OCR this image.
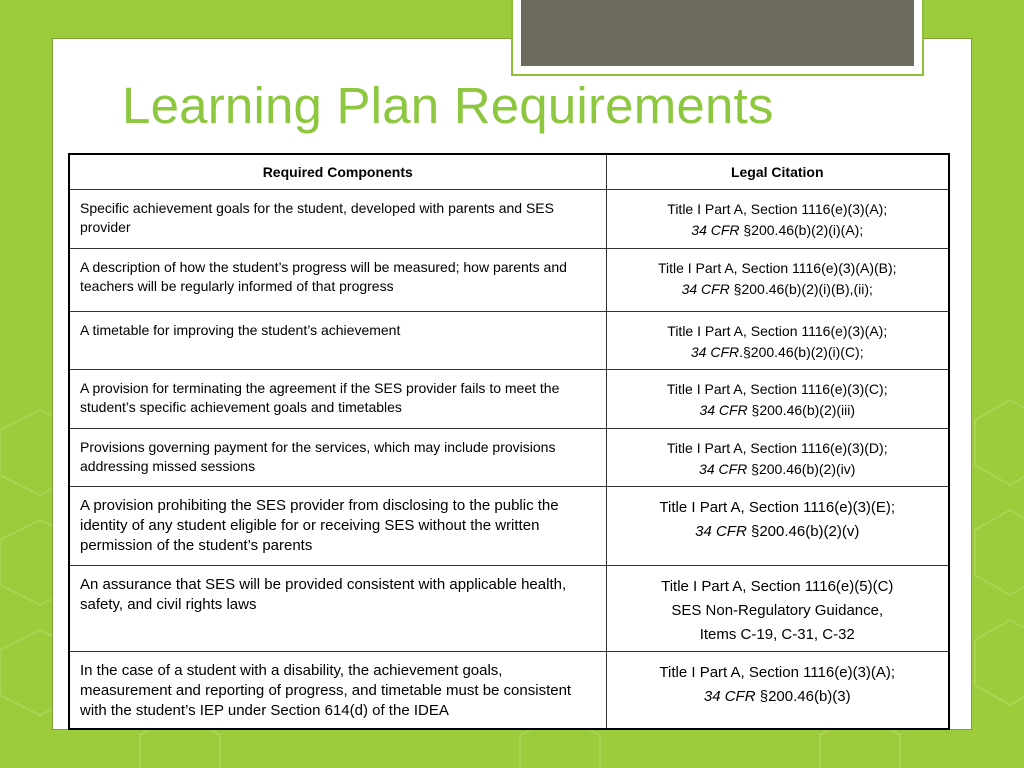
Learning Plan Requirements
Required Components	Legal Citation
Specific achievement goals for the student, developed with parents and SES provider	Title I Part A, Section 1116(e)(3)(A);
34 CFR §200.46(b)(2)(i)(A);

A description of how the student’s progress will be measured; how parents and teachers will be regularly informed of that progress	Title I Part A, Section 1116(e)(3)(A)(B);
34 CFR §200.46(b)(2)(i)(B),(ii);

A timetable for improving the student’s achievement	Title I Part A, Section 1116(e)(3)(A);
34 CFR.§200.46(b)(2)(i)(C);

A provision for terminating the agreement if the SES provider fails to meet the student’s specific achievement goals and timetables	Title I Part A, Section 1116(e)(3)(C);
34 CFR §200.46(b)(2)(iii)

Provisions governing payment for the services, which may include provisions addressing missed sessions	Title I Part A, Section 1116(e)(3)(D);
34 CFR §200.46(b)(2)(iv)

A provision prohibiting the SES provider from disclosing to the public the identity of any student eligible for or receiving SES without the written permission of the student’s parents	Title I Part A, Section 1116(e)(3)(E);
34 CFR §200.46(b)(2)(v)

An assurance that SES will be provided consistent with applicable health, safety, and civil rights laws	Title I Part A, Section 1116(e)(5)(C)
SES Non-Regulatory Guidance,
Items C-19, C-31, C-32

In the case of a student with a disability, the achievement goals, measurement and reporting of progress, and timetable must be consistent with the student’s IEP under Section 614(d) of the IDEA	Title I Part A, Section 1116(e)(3)(A);
34 CFR §200.46(b)(3)
